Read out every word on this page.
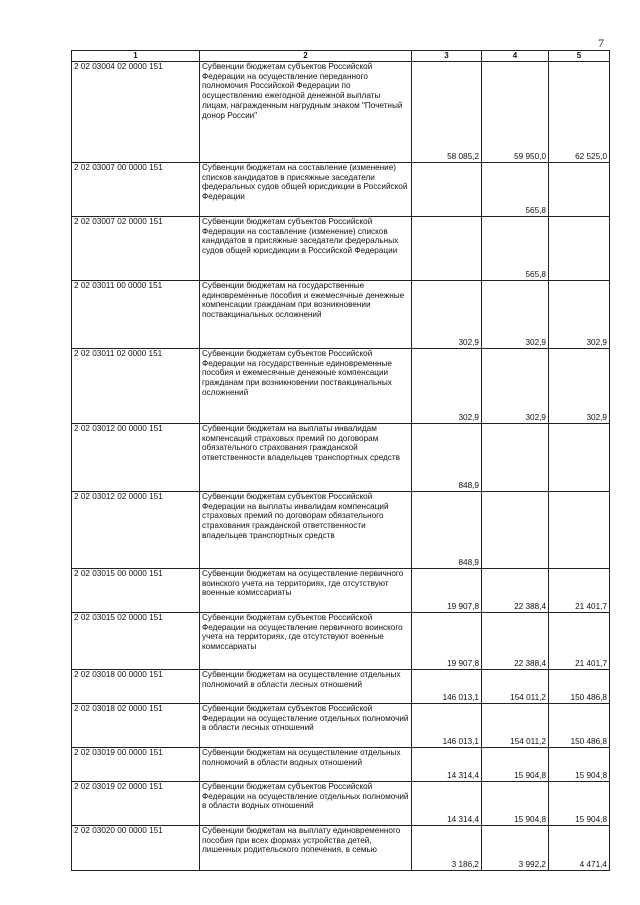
7
1	2	3	4	5
2 02 03004 02 0000 151	Субвенции бюджетам субъектов Российской Федерации на осуществление переданного полномочия Российской Федерации по осуществлению ежегодной денежной выплаты лицам, награжденным нагрудным знаком "Почетный донор России"	58 085,2	59 950,0	62 525,0
2 02 03007 00 0000 151	Субвенции бюджетам на составление (изменение) списков кандидатов в присяжные заседатели федеральных судов общей юрисдикции в Российской Федерации		565,8	
2 02 03007 02 0000 151	Субвенции бюджетам субъектов Российской Федерации на составление (изменение) списков кандидатов в присяжные заседатели федеральных судов общей юрисдикции в Российской Федерации		565,8	
2 02 03011 00 0000 151	Субвенции бюджетам на государственные единовременные пособия и ежемесячные денежные компенсации гражданам при возникновении поствакцинальных осложнений	302,9	302,9	302,9
2 02 03011 02 0000 151	Субвенции бюджетам субъектов Российской Федерации на государственные единовременные пособия и ежемесячные денежные компенсации гражданам при возникновении поствакцинальных осложнений	302,9	302,9	302,9
2 02 03012 00 0000 151	Субвенции бюджетам на выплаты инвалидам компенсаций страховых премий по договорам обязательного страхования гражданской ответственности владельцев транспортных средств	848,9		
2 02 03012 02 0000 151	Субвенции бюджетам субъектов Российской Федерации на выплаты инвалидам компенсаций страховых премий по договорам обязательного страхования гражданской ответственности владельцев транспортных средств	848,9		
2 02 03015 00 0000 151	Субвенции бюджетам на осуществление первичного воинского учета на территориях, где отсутствуют военные комиссариаты	19 907,8	22 388,4	21 401,7
2 02 03015 02 0000 151	Субвенции бюджетам субъектов Российской Федерации на осуществление первичного воинского учета на территориях, где отсутствуют военные комиссариаты	19 907,8	22 388,4	21 401,7
2 02 03018 00 0000 151	Субвенции бюджетам на осуществление отдельных полномочий в области лесных отношений	146 013,1	154 011,2	150 486,8
2 02 03018 02 0000 151	Субвенции бюджетам субъектов Российской Федерации на осуществление отдельных полномочий в области лесных отношений	146 013,1	154 011,2	150 486,8
2 02 03019 00 0000 151	Субвенции бюджетам на осуществление отдельных полномочий в области водных отношений	14 314,4	15 904,8	15 904,8
2 02 03019 02 0000 151	Субвенции бюджетам субъектов Российской Федерации на осуществление отдельных полномочий в области водных отношений	14 314,4	15 904,8	15 904,8
2 02 03020 00 0000 151	Субвенции бюджетам на выплату единовременного пособия при всех формах устройства детей, лишенных родительского попечения, в семью	3 186,2	3 992,2	4 471,4
